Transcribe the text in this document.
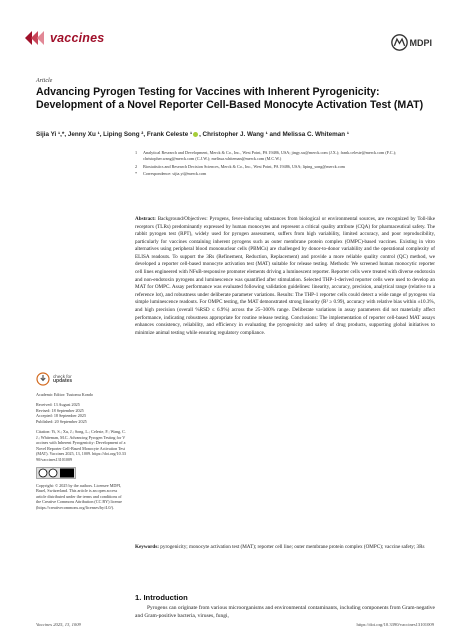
vaccines	MDPI
Article
Advancing Pyrogen Testing for Vaccines with Inherent Pyrogenicity: Development of a Novel Reporter Cell-Based Monocyte Activation Test (MAT)
Sijia Yi ¹,*, Jenny Xu ¹, Liping Song ², Frank Celeste ¹ , Christopher J. Wang ¹ and Melissa C. Whiteman ¹
1	Analytical Research and Development, Merck & Co., Inc., West Point, PA 19486, USA; jingy.xu@merck.com (J.X.); frank.celeste@merck.com (F.C.); christopher.wang@merck.com (C.J.W.); melissa.whiteman@merck.com (M.C.W.)
2	Biostatistics and Research Decision Sciences, Merck & Co., Inc., West Point, PA 19486, USA; liping_song@merck.com
*	Correspondence: sijia.yi@merck.com

Abstract: Background/Objectives: Pyrogens, fever-inducing substances from biological or environmental sources, are recognized by Toll-like receptors (TLRs) predominantly expressed by human monocytes and represent a critical quality attribute (CQA) for pharmaceutical safety. The rabbit pyrogen test (RPT), widely used for pyrogen assessment, suffers from high variability, limited accuracy, and poor reproducibility, particularly for vaccines containing inherent pyrogens such as outer membrane protein complex (OMPC)-based vaccines. Existing in vitro alternatives using peripheral blood mononuclear cells (PBMCs) are challenged by donor-to-donor variability and the operational complexity of ELISA readouts. To support the 3Rs (Refinement, Reduction, Replacement) and provide a more reliable quality control (QC) method, we developed a reporter cell-based monocyte activation test (MAT) suitable for release testing. Methods: We screened human monocytic reporter cell lines engineered with NFκB-responsive promoter elements driving a luminescent reporter. Reporter cells were treated with diverse endotoxin and non-endotoxin pyrogens and luminescence was quantified after stimulation. Selected THP-1-derived reporter cells were used to develop an MAT for OMPC. Assay performance was evaluated following validation guidelines: linearity, accuracy, precision, analytical range (relative to a reference lot), and robustness under deliberate parameter variations. Results: The THP-1 reporter cells could detect a wide range of pyrogens via simple luminescence readouts. For OMPC testing, the MAT demonstrated strong linearity (R² ≥ 0.99), accuracy with relative bias within ±10.3%, and high precision (overall %RSD ≤ 6.9%) across the 25–300% range. Deliberate variations in assay parameters did not materially affect performance, indicating robustness appropriate for routine release testing. Conclusions: The implementation of reporter cell-based MAT assays enhances consistency, reliability, and efficiency in evaluating the pyrogenicity and safety of drug products, supporting global initiatives to minimize animal testing while ensuring regulatory compliance.

Keywords: pyrogenicity; monocyte activation test (MAT); reporter cell line; outer membrane protein complex (OMPC); vaccine safety; 3Rs

check for
updates
Academic Editor: Tsutomu Kondo
Received: 13 August 2025
Revised: 18 September 2025
Accepted: 18 September 2025
Published: 20 September 2025
Citation: Yi, S.; Xu, J.; Song, L.; Celeste, F.; Wang, C.J.; Whiteman, M.C. Advancing Pyrogen Testing for Vaccines with Inherent Pyrogenicity: Development of a Novel Reporter Cell-Based Monocyte Activation Test (MAT). Vaccines 2025, 13, 1009. https://doi.org/10.3390/vaccines13101009
Copyright: © 2025 by the authors. Licensee MDPI, Basel, Switzerland. This article is an open access article distributed under the terms and conditions of the Creative Commons Attribution (CC BY) license (https://creativecommons.org/licenses/by/4.0/).
1. Introduction

Pyrogens can originate from various microorganisms and environmental contaminants, including components from Gram-negative and Gram-positive bacteria, viruses, fungi,

Vaccines 2025, 13, 1009	https://doi.org/10.3390/vaccines13101009
